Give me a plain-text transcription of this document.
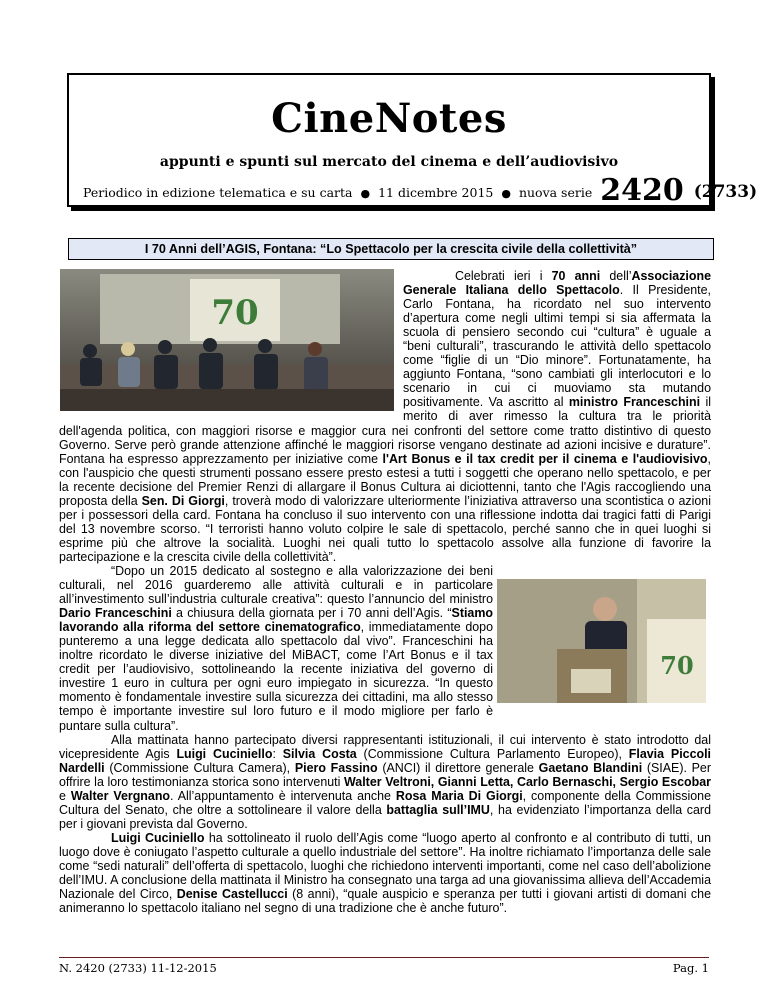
CineNotes
appunti e spunti sul mercato del cinema e dell’audiovisivo
Periodico in edizione telematica e su carta ● 11 dicembre 2015 ● nuova serie 2420 (2733)
I 70 Anni dell’AGIS, Fontana: “Lo Spettacolo per la crescita civile della collettività”
70
70

Celebrati ieri i 70 anni dell’Associazione Generale Italiana dello Spettacolo. Il Presidente, Carlo Fontana, ha ricordato nel suo intervento d’apertura come negli ultimi tempi si sia affermata la scuola di pensiero secondo cui “cultura” è uguale a “beni culturali”, trascurando le attività dello spettacolo come “figlie di un “Dio minore”. Fortunatamente, ha aggiunto Fontana, “sono cambiati gli interlocutori e lo scenario in cui ci muoviamo sta mutando positivamente. Va ascritto al ministro Franceschini il merito di aver rimesso la cultura tra le priorità dell'agenda politica, con maggiori risorse e maggior cura nei confronti del settore come tratto distintivo di questo Governo. Serve però grande attenzione affinché le maggiori risorse vengano destinate ad azioni incisive e durature”. Fontana ha espresso apprezzamento per iniziative come l'Art Bonus e il tax credit per il cinema e l'audiovisivo, con l'auspicio che questi strumenti possano essere presto estesi a tutti i soggetti che operano nello spettacolo, e per la recente decisione del Premier Renzi di allargare il Bonus Cultura ai diciottenni, tanto che l'Agis raccogliendo una proposta della Sen. Di Giorgi, troverà modo di valorizzare ulteriormente l’iniziativa attraverso una scontistica o azioni per i possessori della card. Fontana ha concluso il suo intervento con una riflessione indotta dai tragici fatti di Parigi del 13 novembre scorso. “I terroristi hanno voluto colpire le sale di spettacolo, perché sanno che in quei luoghi si esprime più che altrove la socialità. Luoghi nei quali tutto lo spettacolo assolve alla funzione di favorire la partecipazione e la crescita civile della collettività”.

“Dopo un 2015 dedicato al sostegno e alla valorizzazione dei beni culturali, nel 2016 guarderemo alle attività culturali e in particolare all’investimento sull’industria culturale creativa”: questo l’annuncio del ministro Dario Franceschini a chiusura della giornata per i 70 anni dell’Agis. “Stiamo lavorando alla riforma del settore cinematografico, immediatamente dopo punteremo a una legge dedicata allo spettacolo dal vivo”. Franceschini ha inoltre ricordato le diverse iniziative del MiBACT, come l’Art Bonus e il tax credit per l’audiovisivo, sottolineando la recente iniziativa del governo di investire 1 euro in cultura per ogni euro impiegato in sicurezza. “In questo momento è fondamentale investire sulla sicurezza dei cittadini, ma allo stesso tempo è importante investire sul loro futuro e il modo migliore per farlo è puntare sulla cultura”.

Alla mattinata hanno partecipato diversi rappresentanti istituzionali, il cui intervento è stato introdotto dal vicepresidente Agis Luigi Cuciniello: Silvia Costa (Commissione Cultura Parlamento Europeo), Flavia Piccoli Nardelli (Commissione Cultura Camera), Piero Fassino (ANCI) il direttore generale Gaetano Blandini (SIAE). Per offrire la loro testimonianza storica sono intervenuti Walter Veltroni, Gianni Letta, Carlo Bernaschi, Sergio Escobar e Walter Vergnano. All’appuntamento è intervenuta anche Rosa Maria Di Giorgi, componente della Commissione Cultura del Senato, che oltre a sottolineare il valore della battaglia sull’IMU, ha evidenziato l’importanza della card per i giovani prevista dal Governo.

Luigi Cuciniello ha sottolineato il ruolo dell’Agis come “luogo aperto al confronto e al contributo di tutti, un luogo dove è coniugato l’aspetto culturale a quello industriale del settore”. Ha inoltre richiamato l’importanza delle sale come “sedi naturali” dell’offerta di spettacolo, luoghi che richiedono interventi importanti, come nel caso dell’abolizione dell’IMU. A conclusione della mattinata il Ministro ha consegnato una targa ad una giovanissima allieva dell’Accademia Nazionale del Circo, Denise Castellucci (8 anni), “quale auspicio e speranza per tutti i giovani artisti di domani che animeranno lo spettacolo italiano nel segno di una tradizione che è anche futuro”.

N. 2420 (2733) 11-12-2015	Pag. 1
